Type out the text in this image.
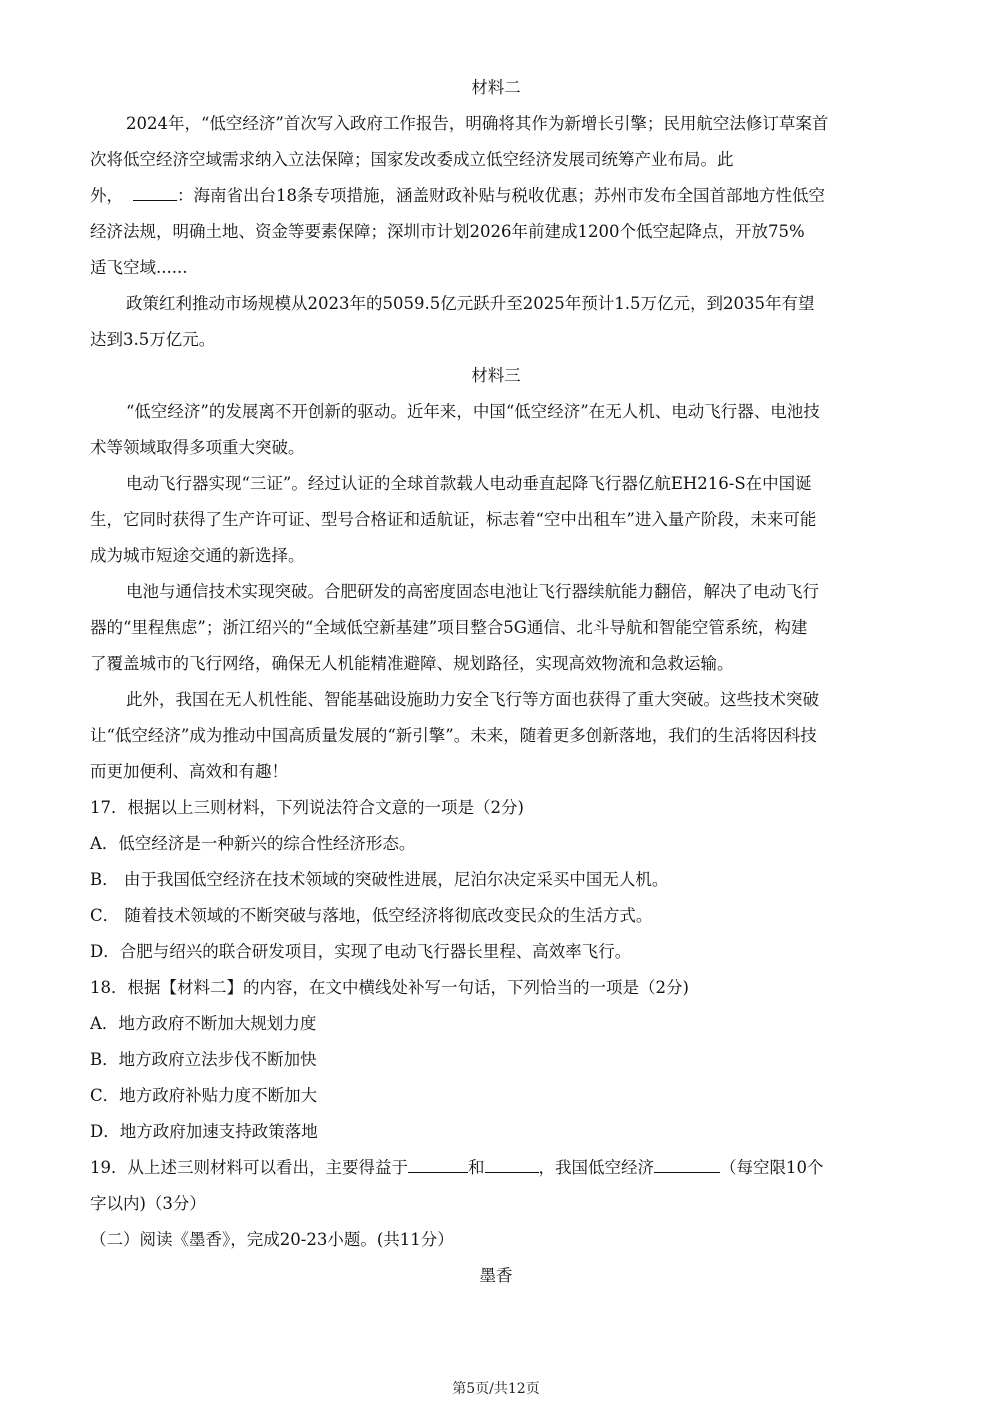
材料二
2024年，“低空经济”首次写入政府工作报告，明确将其作为新增长引擎；民用航空法修订草案首
次将低空经济空域需求纳入立法保障；国家发改委成立低空经济发展司统筹产业布局。此
外，	：海南省出台18条专项措施，涵盖财政补贴与税收优惠；苏州市发布全国首部地方性低空
经济法规，明确土地、资金等要素保障；深圳市计划2026年前建成1200个低空起降点，开放75%
适飞空域......
政策红利推动市场规模从2023年的5059.5亿元跃升至2025年预计1.5万亿元，到2035年有望
达到3.5万亿元。
材料三
“低空经济”的发展离不开创新的驱动。近年来，中国“低空经济”在无人机、电动飞行器、电池技
术等领域取得多项重大突破。
电动飞行器实现“三证”。经过认证的全球首款载人电动垂直起降飞行器亿航EH216-S在中国诞
生，它同时获得了生产许可证、型号合格证和适航证，标志着“空中出租车”进入量产阶段，未来可能
成为城市短途交通的新选择。
电池与通信技术实现突破。合肥研发的高密度固态电池让飞行器续航能力翻倍，解决了电动飞行
器的“里程焦虑”；浙江绍兴的“全域低空新基建”项目整合5G通信、北斗导航和智能空管系统，构建
了覆盖城市的飞行网络，确保无人机能精准避障、规划路径，实现高效物流和急救运输。
此外，我国在无人机性能、智能基础设施助力安全飞行等方面也获得了重大突破。这些技术突破
让“低空经济”成为推动中国高质量发展的“新引擎”。未来，随着更多创新落地，我们的生活将因科技
而更加便利、高效和有趣！
17．根据以上三则材料，下列说法符合文意的一项是（2分)
A．低空经济是一种新兴的综合性经济形态。
B． 由于我国低空经济在技术领域的突破性进展，尼泊尔决定采买中国无人机。
C． 随着技术领域的不断突破与落地，低空经济将彻底改变民众的生活方式。
D．合肥与绍兴的联合研发项目，实现了电动飞行器长里程、高效率飞行。
18．根据【材料二】的内容，在文中横线处补写一句话，下列恰当的一项是（2分)
A．地方政府不断加大规划力度
B．地方政府立法步伐不断加快
C．地方政府补贴力度不断加大
D．地方政府加速支持政策落地
19．从上述三则材料可以看出，主要得益于	和	，我国低空经济	（每空限10个
字以内)（3分）
（二）阅读《墨香》，完成20-23小题。(共11分）
墨香
第5页/共12页
